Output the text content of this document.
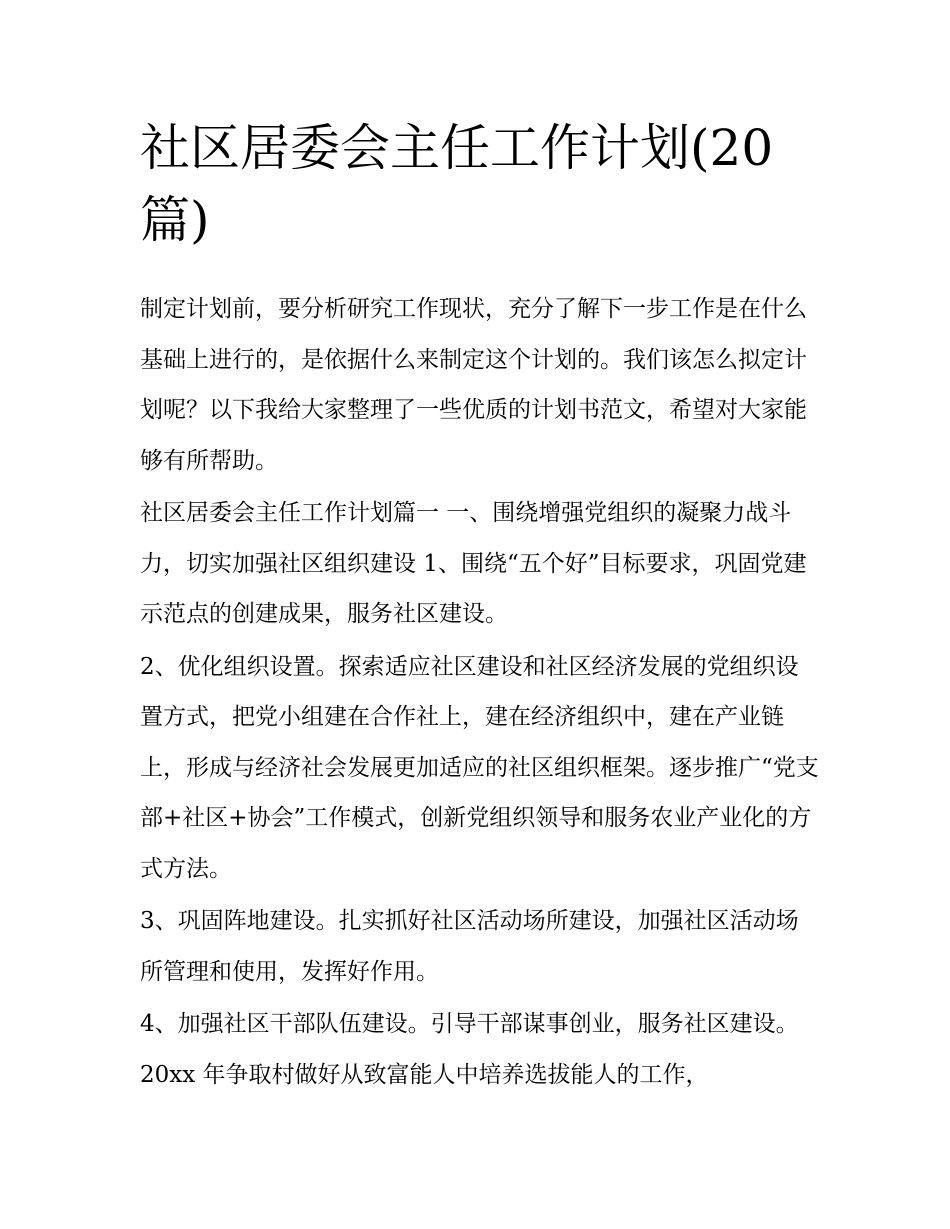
社区居委会主任工作计划(20篇)

制定计划前，要分析研究工作现状，充分了解下一步工作是在什么基础上进行的，是依据什么来制定这个计划的。我们该怎么拟定计划呢？以下我给大家整理了一些优质的计划书范文，希望对大家能够有所帮助。

社区居委会主任工作计划篇一 一、围绕增强党组织的凝聚力战斗力，切实加强社区组织建设 1、围绕“五个好”目标要求，巩固党建示范点的创建成果，服务社区建设。

2、优化组织设置。探索适应社区建设和社区经济发展的党组织设置方式，把党小组建在合作社上，建在经济组织中，建在产业链上，形成与经济社会发展更加适应的社区组织框架。逐步推广“党支部+社区+协会”工作模式，创新党组织领导和服务农业产业化的方式方法。

3、巩固阵地建设。扎实抓好社区活动场所建设，加强社区活动场所管理和使用，发挥好作用。

4、加强社区干部队伍建设。引导干部谋事创业，服务社区建设。20xx 年争取村做好从致富能人中培养选拔能人的工作，
